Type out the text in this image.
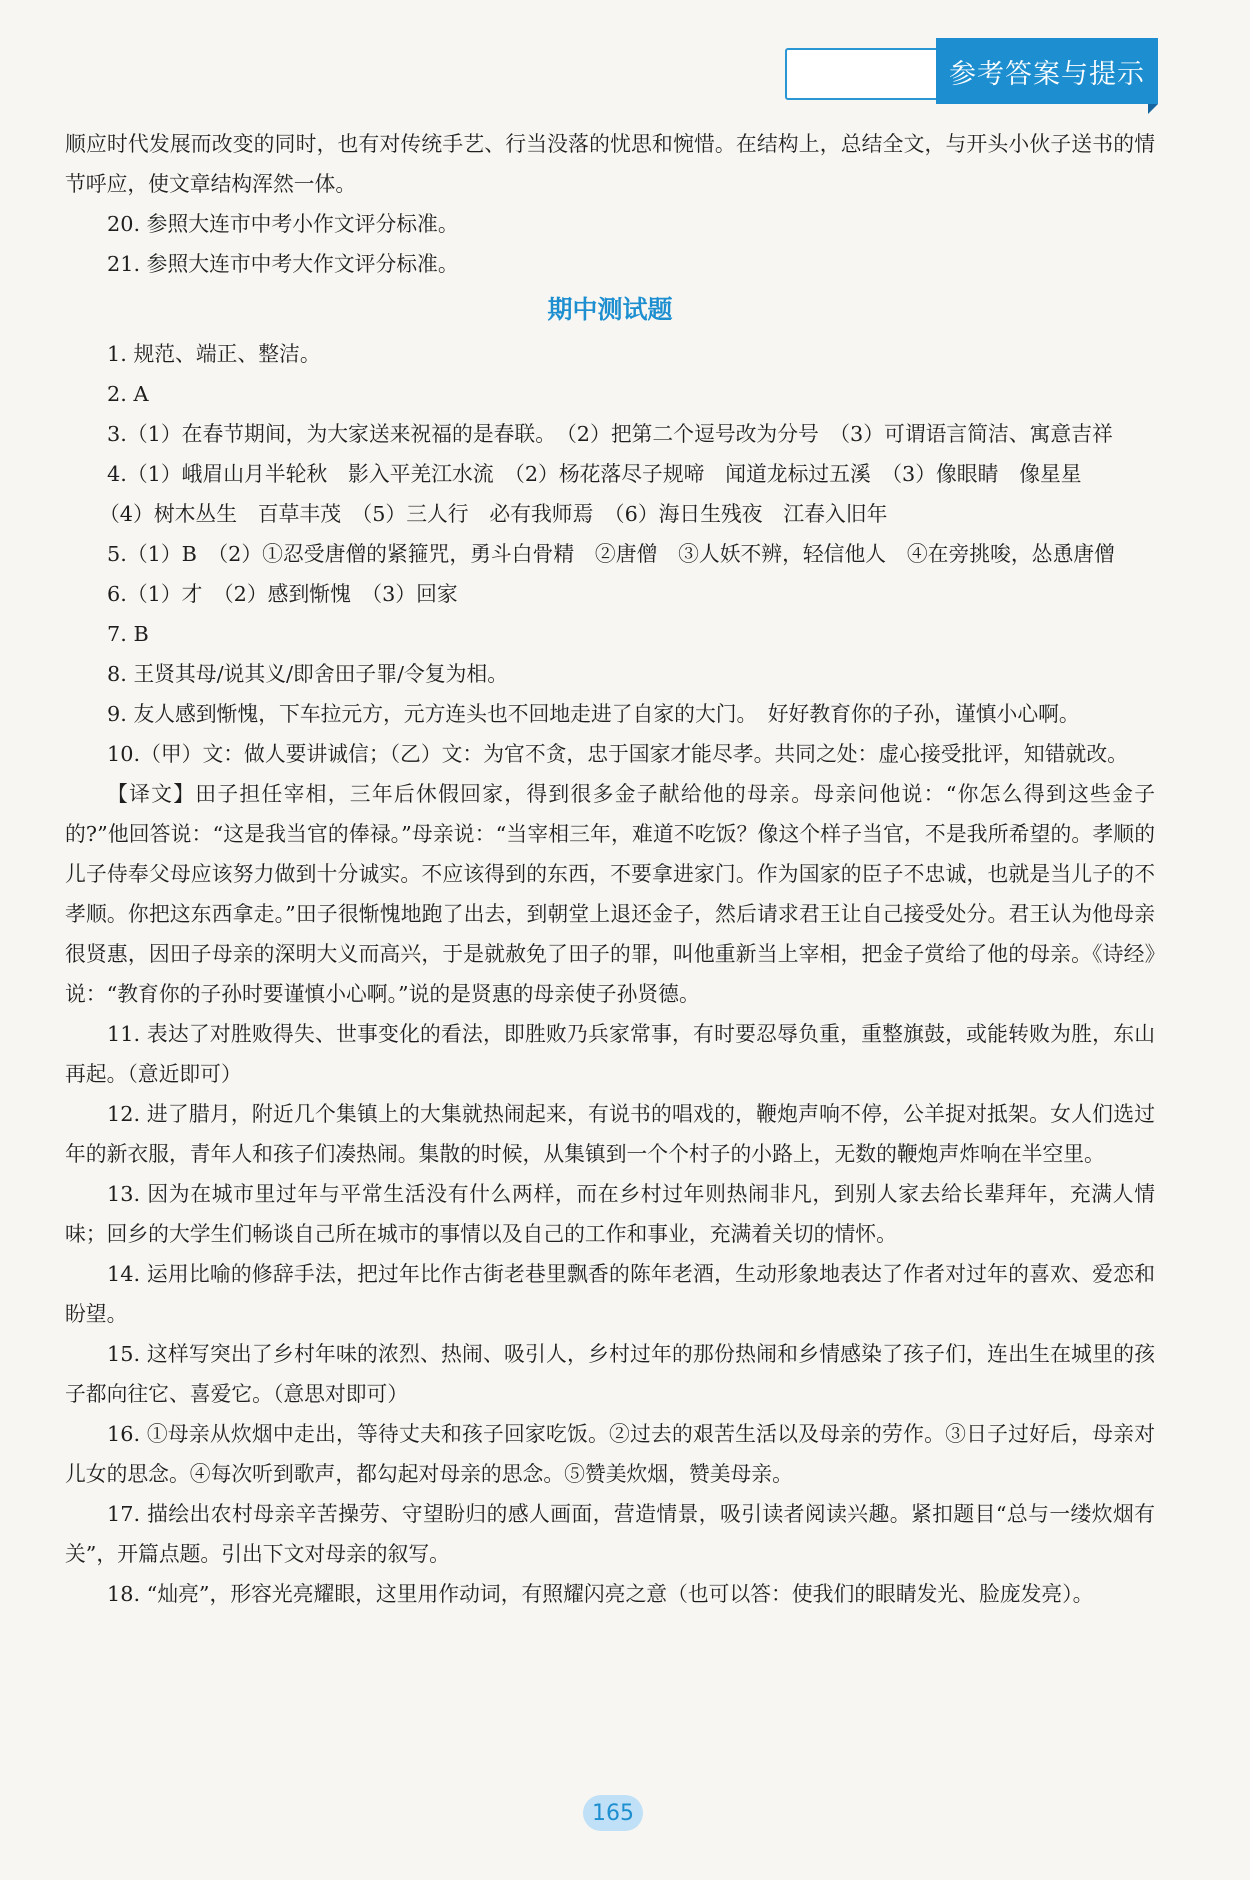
参考答案与提示

顺应时代发展而改变的同时，也有对传统手艺、行当没落的忧思和惋惜。在结构上，总结全文，与开头小伙子送书的情节呼应，使文章结构浑然一体。

20. 参照大连市中考小作文评分标准。

21. 参照大连市中考大作文评分标准。

期中测试题

1. 规范、端正、整洁。

2. A

3.（1）在春节期间，为大家送来祝福的是春联。　（2）把第二个逗号改为分号　（3）可谓语言简洁、寓意吉祥

4.（1）峨眉山月半轮秋　影入平羌江水流　（2）杨花落尽子规啼　闻道龙标过五溪　（3）像眼睛　像星星

（4）树木丛生　百草丰茂　（5）三人行　必有我师焉　（6）海日生残夜　江春入旧年

5.（1）B　（2）①忍受唐僧的紧箍咒，勇斗白骨精　②唐僧　③人妖不辨，轻信他人　④在旁挑唆，怂恿唐僧

6.（1）才　（2）感到惭愧　（3）回家

7. B

8. 王贤其母/说其义/即舍田子罪/令复为相。

9. 友人感到惭愧，下车拉元方，元方连头也不回地走进了自家的大门。　好好教育你的子孙，谨慎小心啊。

10.（甲）文：做人要讲诚信；（乙）文：为官不贪，忠于国家才能尽孝。共同之处：虚心接受批评，知错就改。

【译文】田子担任宰相，三年后休假回家，得到很多金子献给他的母亲。母亲问他说：“你怎么得到这些金子的?”他回答说：“这是我当官的俸禄。”母亲说：“当宰相三年，难道不吃饭？像这个样子当官，不是我所希望的。孝顺的儿子侍奉父母应该努力做到十分诚实。不应该得到的东西，不要拿进家门。作为国家的臣子不忠诚，也就是当儿子的不孝顺。你把这东西拿走。”田子很惭愧地跑了出去，到朝堂上退还金子，然后请求君王让自己接受处分。君王认为他母亲很贤惠，因田子母亲的深明大义而高兴，于是就赦免了田子的罪，叫他重新当上宰相，把金子赏给了他的母亲。《诗经》说：“教育你的子孙时要谨慎小心啊。”说的是贤惠的母亲使子孙贤德。

11. 表达了对胜败得失、世事变化的看法，即胜败乃兵家常事，有时要忍辱负重，重整旗鼓，或能转败为胜，东山再起。（意近即可）

12. 进了腊月，附近几个集镇上的大集就热闹起来，有说书的唱戏的，鞭炮声响不停，公羊捉对抵架。女人们选过年的新衣服，青年人和孩子们凑热闹。集散的时候，从集镇到一个个村子的小路上，无数的鞭炮声炸响在半空里。

13. 因为在城市里过年与平常生活没有什么两样，而在乡村过年则热闹非凡，到别人家去给长辈拜年，充满人情味；回乡的大学生们畅谈自己所在城市的事情以及自己的工作和事业，充满着关切的情怀。

14. 运用比喻的修辞手法，把过年比作古街老巷里飘香的陈年老酒，生动形象地表达了作者对过年的喜欢、爱恋和盼望。

15. 这样写突出了乡村年味的浓烈、热闹、吸引人，乡村过年的那份热闹和乡情感染了孩子们，连出生在城里的孩子都向往它、喜爱它。（意思对即可）

16. ①母亲从炊烟中走出，等待丈夫和孩子回家吃饭。②过去的艰苦生活以及母亲的劳作。③日子过好后，母亲对儿女的思念。④每次听到歌声，都勾起对母亲的思念。⑤赞美炊烟，赞美母亲。

17. 描绘出农村母亲辛苦操劳、守望盼归的感人画面，营造情景，吸引读者阅读兴趣。紧扣题目“总与一缕炊烟有关”，开篇点题。引出下文对母亲的叙写。

18. “灿亮”，形容光亮耀眼，这里用作动词，有照耀闪亮之意（也可以答：使我们的眼睛发光、脸庞发亮）。

165
